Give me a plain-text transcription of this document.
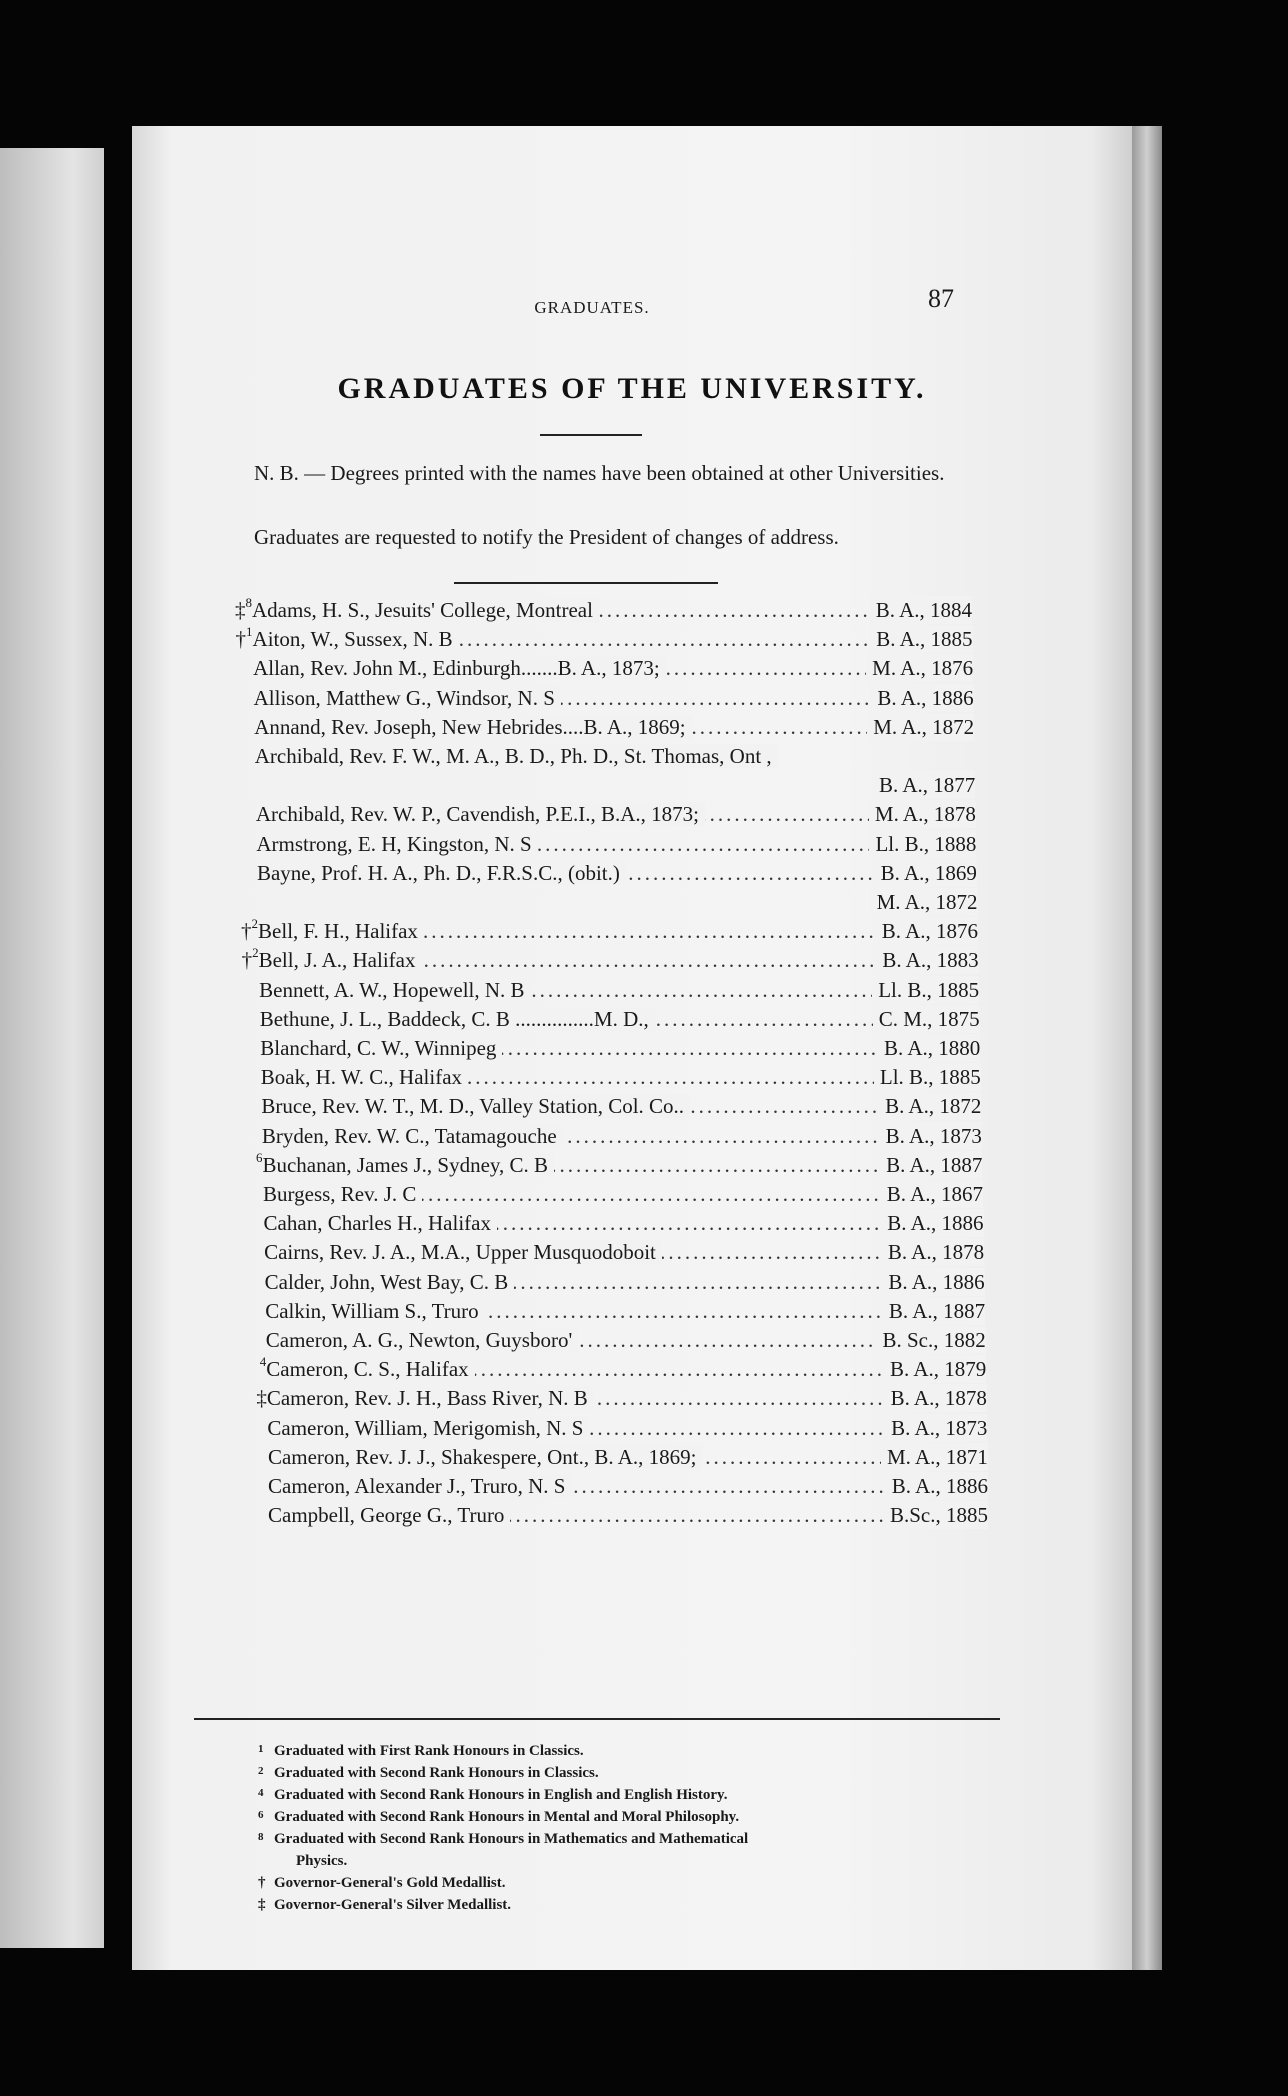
GRADUATES.	87
GRADUATES OF THE UNIVERSITY.

N. B. — Degrees printed with the names have been obtained at other Universities.

Graduates are requested to notify the President of changes of address.

.....
‡$^8$ Adams, H. S., Jesuits' College, Montreal	B. A., 1884
.....
†$^1$ Aiton, W., Sussex, N. B	B. A., 1885
.....
Allan, Rev. John M., Edinburgh.......B. A., 1873;	M. A., 1876
.....
Allison, Matthew G., Windsor, N. S	B. A., 1886
.....
Annand, Rev. Joseph, New Hebrides....B. A., 1869;	M. A., 1872
Archibald, Rev. F. W., M. A., B. D., Ph. D., St. Thomas, Ont ,
B. A., 1877
.....
Archibald, Rev. W. P., Cavendish, P.E.I., B.A., 1873;	M. A., 1878
.....
Armstrong, E. H, Kingston, N. S	Ll. B., 1888
.....
Bayne, Prof. H. A., Ph. D., F.R.S.C., (obit.)	B. A., 1869
M. A., 1872
.....
†$^2$ Bell, F. H., Halifax	B. A., 1876
.....
†$^2$ Bell, J. A., Halifax	B. A., 1883
.....
Bennett, A. W., Hopewell, N. B	Ll. B., 1885
.....
Bethune, J. L., Baddeck, C. B ...............M. D.,	C. M., 1875
.....
Blanchard, C. W., Winnipeg	B. A., 1880
.....
Boak, H. W. C., Halifax	Ll. B., 1885
.....
Bruce, Rev. W. T., M. D., Valley Station, Col. Co..	B. A., 1872
.....
Bryden, Rev. W. C., Tatamagouche	B. A., 1873
.....
$^6$ Buchanan, James J., Sydney, C. B	B. A., 1887
.....
Burgess, Rev. J. C	B. A., 1867
.....
Cahan, Charles H., Halifax	B. A., 1886
.....
Cairns, Rev. J. A., M.A., Upper Musquodoboit	B. A., 1878
.....
Calder, John, West Bay, C. B	B. A., 1886
.....
Calkin, William S., Truro	B. A., 1887
.....
Cameron, A. G., Newton, Guysboro'	B. Sc., 1882
.....
$^4$ Cameron, C. S., Halifax	B. A., 1879
.....
‡ Cameron, Rev. J. H., Bass River, N. B	B. A., 1878
.....
Cameron, William, Merigomish, N. S	B. A., 1873
.....
Cameron, Rev. J. J., Shakespere, Ont., B. A., 1869;	M. A., 1871
.....
Cameron, Alexander J., Truro, N. S	B. A., 1886
.....
Campbell, George G., Truro	B.Sc., 1885
1 Graduated with First Rank Honours in Classics.
2 Graduated with Second Rank Honours in Classics.
4 Graduated with Second Rank Honours in English and English History.
6 Graduated with Second Rank Honours in Mental and Moral Philosophy.
8 Graduated with Second Rank Honours in Mathematics and Mathematical
Physics.
† Governor-General's Gold Medallist.
‡ Governor-General's Silver Medallist.
